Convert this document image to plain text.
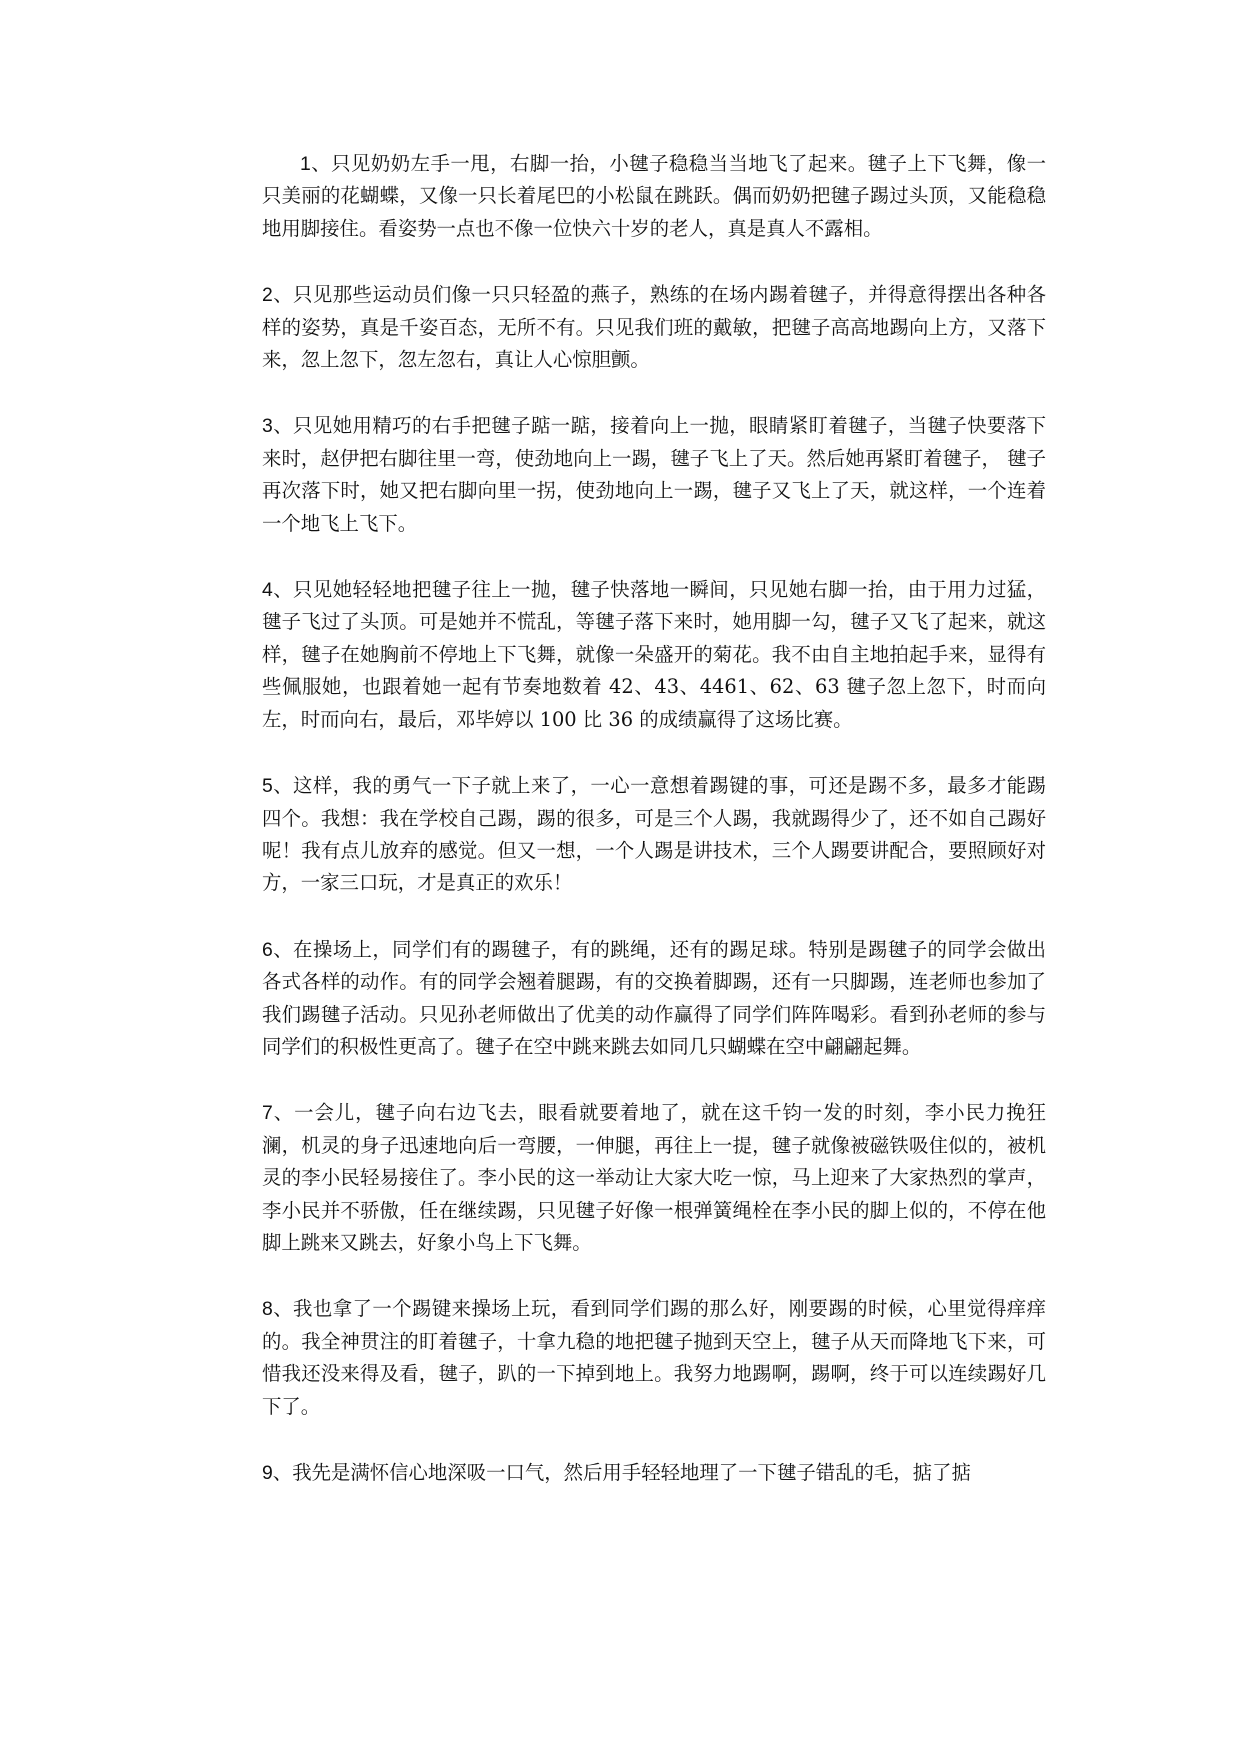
1、只见奶奶左手一甩，右脚一抬，小毽子稳稳当当地飞了起来。毽子上下飞舞，像一只美丽的花蝴蝶，又像一只长着尾巴的小松鼠在跳跃。偶而奶奶把毽子踢过头顶，又能稳稳地用脚接住。看姿势一点也不像一位快六十岁的老人，真是真人不露相。

2、只见那些运动员们像一只只轻盈的燕子，熟练的在场内踢着毽子，并得意得摆出各种各样的姿势，真是千姿百态，无所不有。只见我们班的戴敏，把毽子高高地踢向上方，又落下来，忽上忽下，忽左忽右，真让人心惊胆颤。

3、只见她用精巧的右手把毽子踮一踮，接着向上一抛，眼睛紧盯着毽子，当毽子快要落下来时，赵伊把右脚往里一弯，使劲地向上一踢，毽子飞上了天。然后她再紧盯着毽子， 毽子再次落下时，她又把右脚向里一拐，使劲地向上一踢，毽子又飞上了天，就这样，一个连着一个地飞上飞下。

4、只见她轻轻地把毽子往上一抛，毽子快落地一瞬间，只见她右脚一抬，由于用力过猛，毽子飞过了头顶。可是她并不慌乱，等毽子落下来时，她用脚一勾，毽子又飞了起来，就这样，毽子在她胸前不停地上下飞舞，就像一朵盛开的菊花。我不由自主地拍起手来，显得有些佩服她，也跟着她一起有节奏地数着 42、43、4461、62、63 毽子忽上忽下，时而向左，时而向右，最后，邓毕婷以 100 比 36 的成绩赢得了这场比赛。

5、这样，我的勇气一下子就上来了，一心一意想着踢键的事，可还是踢不多，最多才能踢四个。我想：我在学校自己踢，踢的很多，可是三个人踢，我就踢得少了，还不如自己踢好呢！我有点儿放弃的感觉。但又一想，一个人踢是讲技术，三个人踢要讲配合，要照顾好对方，一家三口玩，才是真正的欢乐！

6、在操场上，同学们有的踢毽子，有的跳绳，还有的踢足球。特别是踢毽子的同学会做出各式各样的动作。有的同学会翘着腿踢，有的交换着脚踢，还有一只脚踢，连老师也参加了我们踢毽子活动。只见孙老师做出了优美的动作赢得了同学们阵阵喝彩。看到孙老师的参与同学们的积极性更高了。毽子在空中跳来跳去如同几只蝴蝶在空中翩翩起舞。

7、一会儿，毽子向右边飞去，眼看就要着地了，就在这千钧一发的时刻，李小民力挽狂澜，机灵的身子迅速地向后一弯腰，一伸腿，再往上一提，毽子就像被磁铁吸住似的，被机灵的李小民轻易接住了。李小民的这一举动让大家大吃一惊，马上迎来了大家热烈的掌声，李小民并不骄傲，任在继续踢，只见毽子好像一根弹簧绳栓在李小民的脚上似的，不停在他脚上跳来又跳去，好象小鸟上下飞舞。

8、我也拿了一个踢键来操场上玩，看到同学们踢的那么好，刚要踢的时候，心里觉得痒痒的。我全神贯注的盯着毽子，十拿九稳的地把毽子抛到天空上，毽子从天而降地飞下来，可惜我还没来得及看，毽子，趴的一下掉到地上。我努力地踢啊，踢啊，终于可以连续踢好几下了。

9、我先是满怀信心地深吸一口气，然后用手轻轻地理了一下毽子错乱的毛，掂了掂
